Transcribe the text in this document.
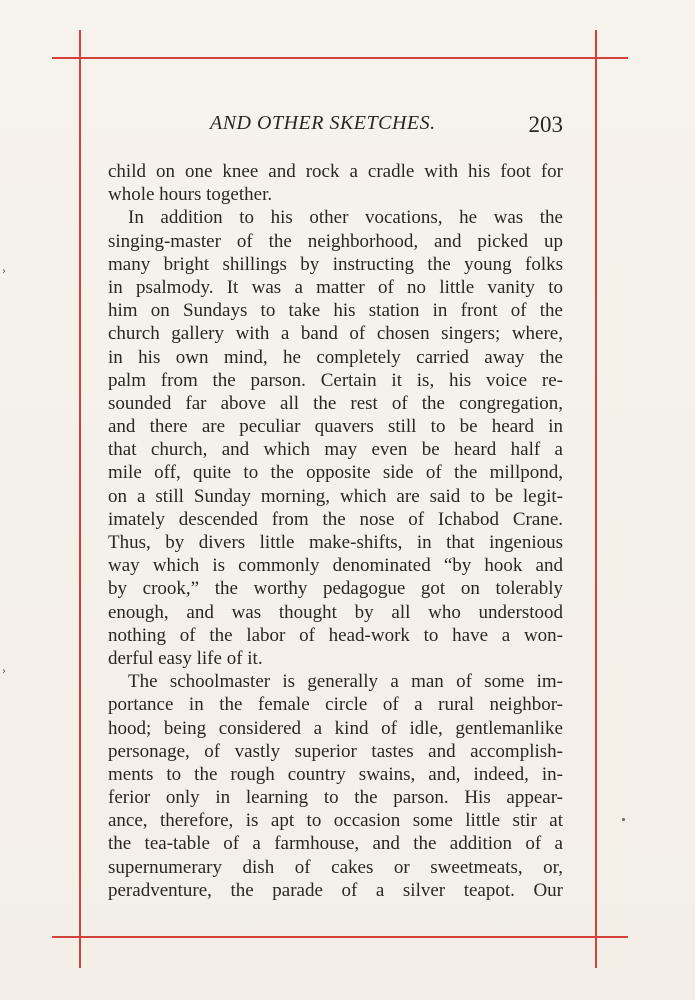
AND OTHER SKETCHES.	203
child on one knee and rock a cradle with his foot for
whole hours together.
In addition to his other vocations, he was the
singing-master of the neighborhood, and picked up
many bright shillings by instructing the young folks
in psalmody. It was a matter of no little vanity to
him on Sundays to take his station in front of the
church gallery with a band of chosen singers; where,
in his own mind, he completely carried away the
palm from the parson. Certain it is, his voice re-
sounded far above all the rest of the congregation,
and there are peculiar quavers still to be heard in
that church, and which may even be heard half a
mile off, quite to the opposite side of the millpond,
on a still Sunday morning, which are said to be legit-
imately descended from the nose of Ichabod Crane.
Thus, by divers little make-shifts, in that ingenious
way which is commonly denominated “by hook and
by crook,” the worthy pedagogue got on tolerably
enough, and was thought by all who understood
nothing of the labor of head-work to have a won-
derful easy life of it.
The schoolmaster is generally a man of some im-
portance in the female circle of a rural neighbor-
hood; being considered a kind of idle, gentlemanlike
personage, of vastly superior tastes and accomplish-
ments to the rough country swains, and, indeed, in-
ferior only in learning to the parson. His appear-
ance, therefore, is apt to occasion some little stir at
the tea-table of a farmhouse, and the addition of a
supernumerary dish of cakes or sweetmeats, or,
peradventure, the parade of a silver teapot. Our
›
›
